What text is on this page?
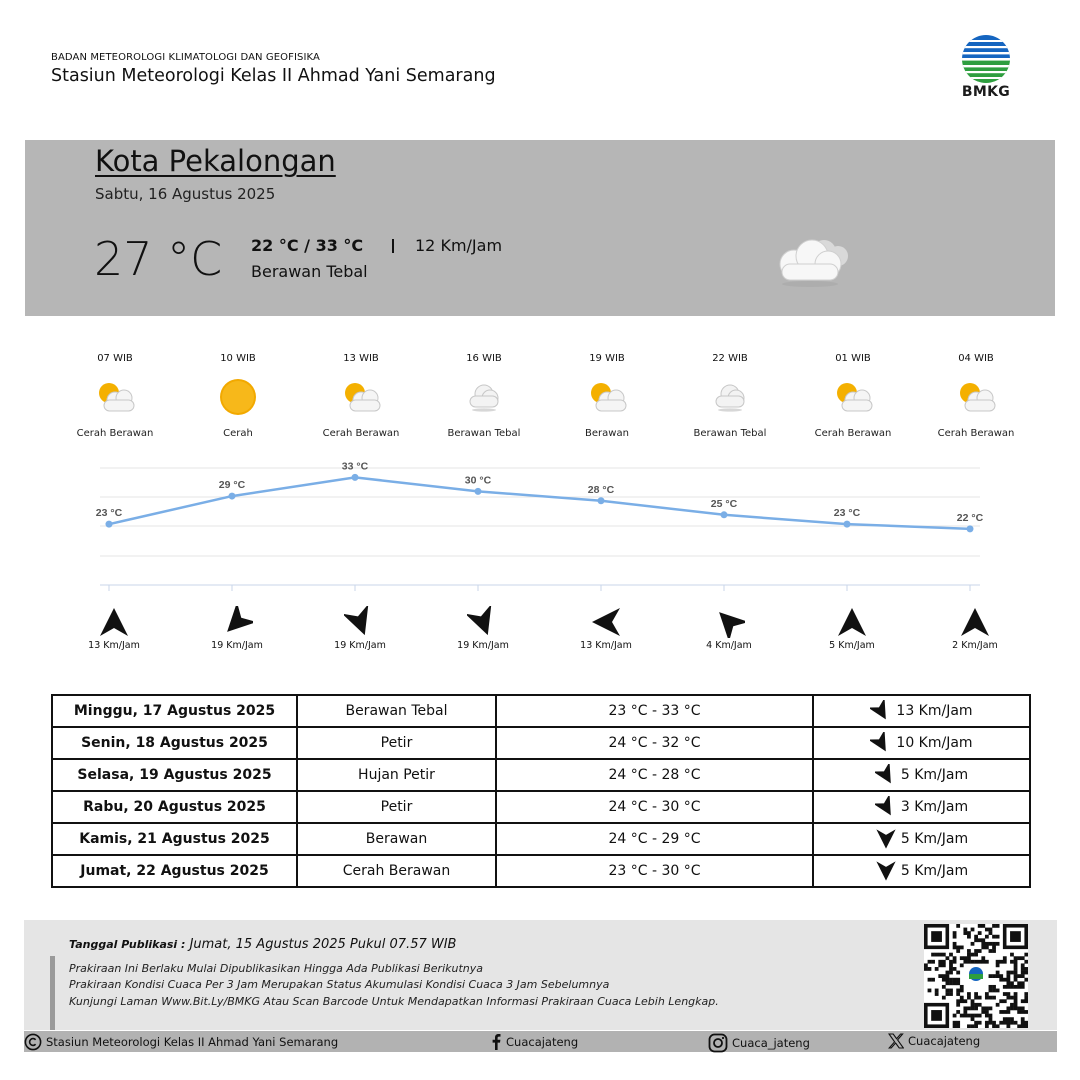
BADAN METEOROLOGI KLIMATOLOGI DAN GEOFISIKA
Stasiun Meteorologi Kelas II Ahmad Yani Semarang
BMKG
Kota Pekalongan
Sabtu, 16 Agustus 2025
27 °C 22 °C / 33 °C	12 Km/Jam
Berawan Tebal
07 WIB
Cerah Berawan
10 WIB
Cerah
13 WIB
Cerah Berawan
16 WIB
Berawan Tebal
19 WIB
Berawan
22 WIB
Berawan Tebal
01 WIB
Cerah Berawan
04 WIB
Cerah Berawan
23 °C
29 °C
33 °C
30 °C
28 °C
25 °C
23 °C	22 °C
13 Km/Jam	19 Km/Jam	19 Km/Jam	19 Km/Jam	13 Km/Jam	4 Km/Jam	5 Km/Jam	2 Km/Jam
Minggu, 17 Agustus 2025	Berawan Tebal	23 °C - 33 °C	13 Km/Jam
Senin, 18 Agustus 2025	Petir	24 °C - 32 °C	10 Km/Jam
Selasa, 19 Agustus 2025	Hujan Petir	24 °C - 28 °C	5 Km/Jam
Rabu, 20 Agustus 2025	Petir	24 °C - 30 °C	3 Km/Jam
Kamis, 21 Agustus 2025	Berawan	24 °C - 29 °C	5 Km/Jam
Jumat, 22 Agustus 2025	Cerah Berawan	23 °C - 30 °C	5 Km/Jam
Tanggal Publikasi : Jumat, 15 Agustus 2025 Pukul 07.57 WIB
Prakiraan Ini Berlaku Mulai Dipublikasikan Hingga Ada Publikasi Berikutnya
Prakiraan Kondisi Cuaca Per 3 Jam Merupakan Status Akumulasi Kondisi Cuaca 3 Jam Sebelumnya
Kunjungi Laman Www.Bit.Ly/BMKG Atau Scan Barcode Untuk Mendapatkan Informasi Prakiraan Cuaca Lebih Lengkap.
Stasiun Meteorologi Kelas II Ahmad Yani Semarang	Cuacajateng	Cuaca_jateng	Cuacajateng
